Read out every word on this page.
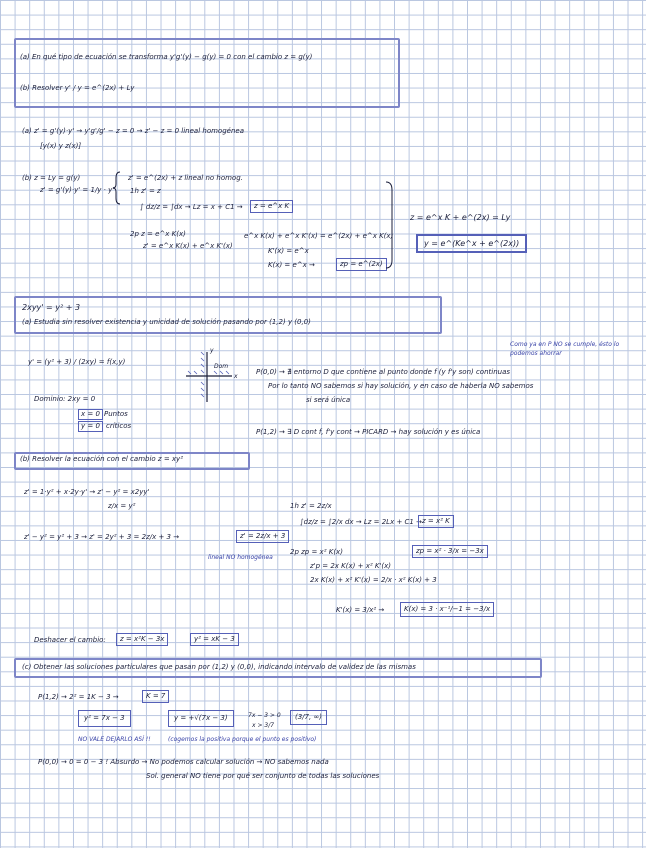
(a) En qué tipo de ecuación se transforma y'g'(y) − g(y) = 0 con el cambio z = g(y)
(b) Resolver y' / y = e^(2x) + Ly
(a) z' = g'(y)·y' → y'g'/g' − z = 0 → z' − z = 0 lineal homogénea
[y(x) y z(x)]
(b) z = Ly = g(y)
z' = g'(y)·y' = 1/y · y'
z' = e^(2x) + z lineal no homog.
1h z' = z
∫ dz/z = ∫dx → Lz = x + C1 →	z = e^x K
2p z = e^x K(x)
z' = e^x K(x) + e^x K'(x)
e^x K(x) + e^x K'(x) = e^(2x) + e^x K(x)
K'(x) = e^x
K(x) = e^x →	zp = e^(2x)
z = e^x K + e^(2x) = Ly
y = e^(Ke^x + e^(2x))
2xyy' = y² + 3
(a) Estudia sin resolver existencia y unicidad de solución pasando por (1,2) y (0,0)
Como ya en P NO se cumple, ésto lo podemos ahorrar
y' = (y² + 3) / (2xy) = f(x,y)
Dominio: 2xy = 0
x = 0
y = 0
Puntos
críticos
y
x
Dom
P(0,0) → ∄ entorno D que contiene al punto donde f (y f'y son) continuas
Por lo tanto NO sabemos si hay solución, y en caso de haberla NO sabemos
si será única
P(1,2) → ∃ D cont f, f'y cont → PICARD → hay solución y es única
(b) Resolver la ecuación con el cambio z = xy²
z' = 1·y² + x·2y·y' → z' − y² = x2yy'
z/x = y²
z' − y² = y² + 3 → z' = 2y² + 3 = 2z/x + 3 →	z' = 2z/x + 3
lineal NO homogénea
1h z' = 2z/x
∫dz/z = ∫2/x dx → Lz = 2Lx + C1 → z = x² K
2p zp = x² K(x)	zp = x² · 3/x = −3x
z'p = 2x K(x) + x² K'(x)
2x K(x) + x² K'(x) = 2/x · x² K(x) + 3
K'(x) = 3/x² →	K(x) = 3 · x⁻¹/−1 = −3/x
Deshacer el cambio:	z = x²K − 3x	y² = xK − 3
(c) Obtener las soluciones particulares que pasan por (1,2) y (0,0), indicando intervalo de validez de las mismas
P(1,2) → 2² = 1K − 3 →	K = 7
y² = 7x − 3	y = +√(7x − 3)	7x − 3 > 0
x > 3/7
(3/7, ∞)
NO VALE DEJARLO ASÍ !!	(cogemos la positiva porque el punto es positivo)
P(0,0) → 0 = 0 − 3 ! Absurdo → No podemos calcular solución → NO sabemos nada
Sol. general NO tiene por qué ser conjunto de todas las soluciones
